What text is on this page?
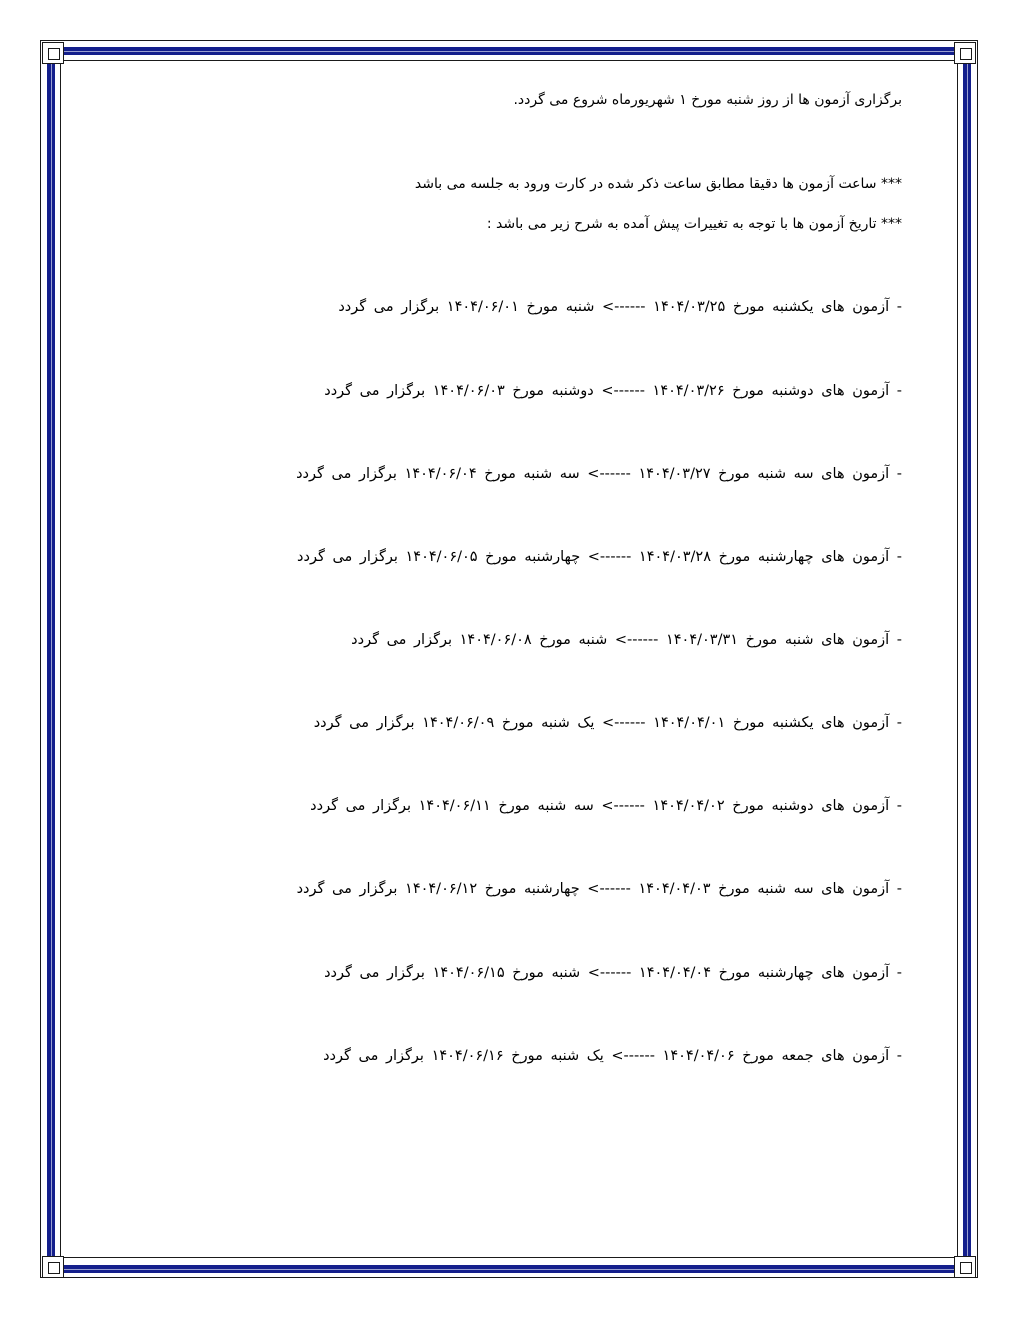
برگزاری آزمون ها از روز شنبه مورخ ۱ شهریورماه شروع می گردد.
*** ساعت آزمون ها دقیقا مطابق ساعت ذکر شده در کارت ورود به جلسه می باشد
*** تاریخ آزمون ها با توجه به تغییرات پیش آمده به شرح زیر می باشد :
- آزمون های یکشنبه مورخ ۱۴۰۴/۰۳/۲۵ ------> شنبه مورخ ۱۴۰۴/۰۶/۰۱ برگزار می گردد
- آزمون های دوشنبه مورخ ۱۴۰۴/۰۳/۲۶ ------> دوشنبه مورخ ۱۴۰۴/۰۶/۰۳ برگزار می گردد
- آزمون های سه شنبه مورخ ۱۴۰۴/۰۳/۲۷ ------> سه شنبه مورخ ۱۴۰۴/۰۶/۰۴ برگزار می گردد
- آزمون های چهارشنبه مورخ ۱۴۰۴/۰۳/۲۸ ------> چهارشنبه مورخ ۱۴۰۴/۰۶/۰۵ برگزار می گردد
- آزمون های شنبه مورخ ۱۴۰۴/۰۳/۳۱ ------> شنبه مورخ ۱۴۰۴/۰۶/۰۸ برگزار می گردد
- آزمون های یکشنبه مورخ ۱۴۰۴/۰۴/۰۱ ------> یک شنبه مورخ ۱۴۰۴/۰۶/۰۹ برگزار می گردد
- آزمون های دوشنبه مورخ ۱۴۰۴/۰۴/۰۲ ------> سه شنبه مورخ ۱۴۰۴/۰۶/۱۱ برگزار می گردد
- آزمون های سه شنبه مورخ ۱۴۰۴/۰۴/۰۳ ------> چهارشنبه مورخ ۱۴۰۴/۰۶/۱۲ برگزار می گردد
- آزمون های چهارشنبه مورخ ۱۴۰۴/۰۴/۰۴ ------> شنبه مورخ ۱۴۰۴/۰۶/۱۵ برگزار می گردد
- آزمون های جمعه مورخ ۱۴۰۴/۰۴/۰۶ ------> یک شنبه مورخ ۱۴۰۴/۰۶/۱۶ برگزار می گردد
